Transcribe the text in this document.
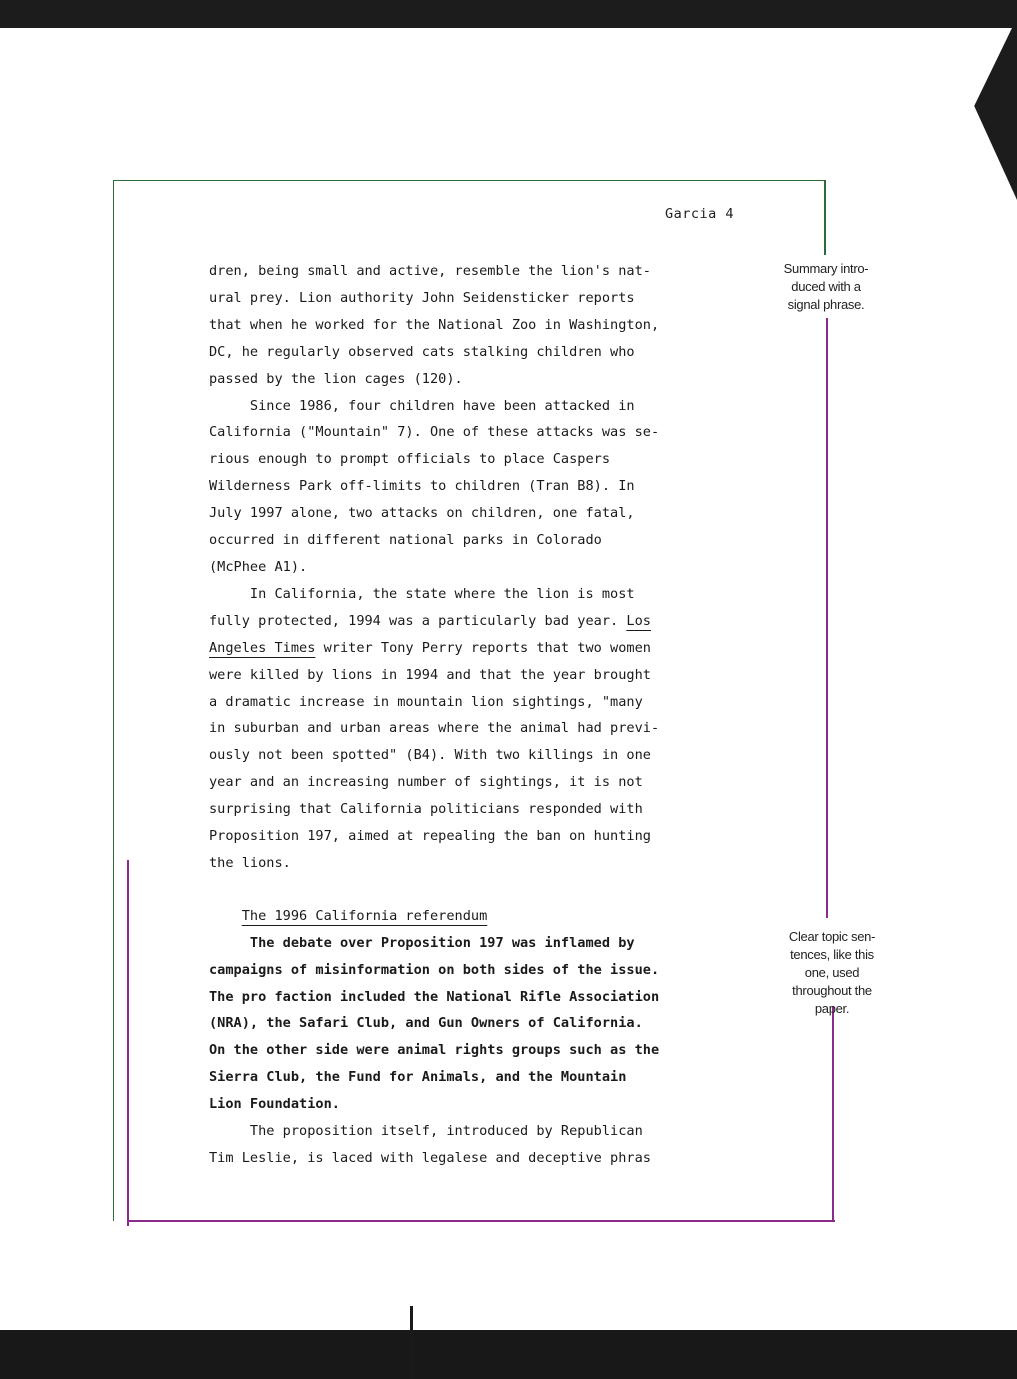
Garcia 4
dren, being small and active, resemble the lion's nat-
ural prey. Lion authority John Seidensticker reports
that when he worked for the National Zoo in Washington,
DC, he regularly observed cats stalking children who
passed by the lion cages (120).
Since 1986, four children have been attacked in
California ("Mountain" 7). One of these attacks was se-
rious enough to prompt officials to place Caspers
Wilderness Park off-limits to children (Tran B8). In
July 1997 alone, two attacks on children, one fatal,
occurred in different national parks in Colorado
(McPhee A1).
In California, the state where the lion is most
fully protected, 1994 was a particularly bad year. Los
Angeles Times writer Tony Perry reports that two women
were killed by lions in 1994 and that the year brought
a dramatic increase in mountain lion sightings, "many
in suburban and urban areas where the animal had previ-
ously not been spotted" (B4). With two killings in one
year and an increasing number of sightings, it is not
surprising that California politicians responded with
Proposition 197, aimed at repealing the ban on hunting
the lions.
The 1996 California referendum
The debate over Proposition 197 was inflamed by
campaigns of misinformation on both sides of the issue.
The pro faction included the National Rifle Association
(NRA), the Safari Club, and Gun Owners of California.
On the other side were animal rights groups such as the
Sierra Club, the Fund for Animals, and the Mountain
Lion Foundation.
The proposition itself, introduced by Republican
Tim Leslie, is laced with legalese and deceptive phras
Summary intro-
duced with a
signal phrase.
Clear topic sen-
tences, like this
one, used
throughout the
paper.
